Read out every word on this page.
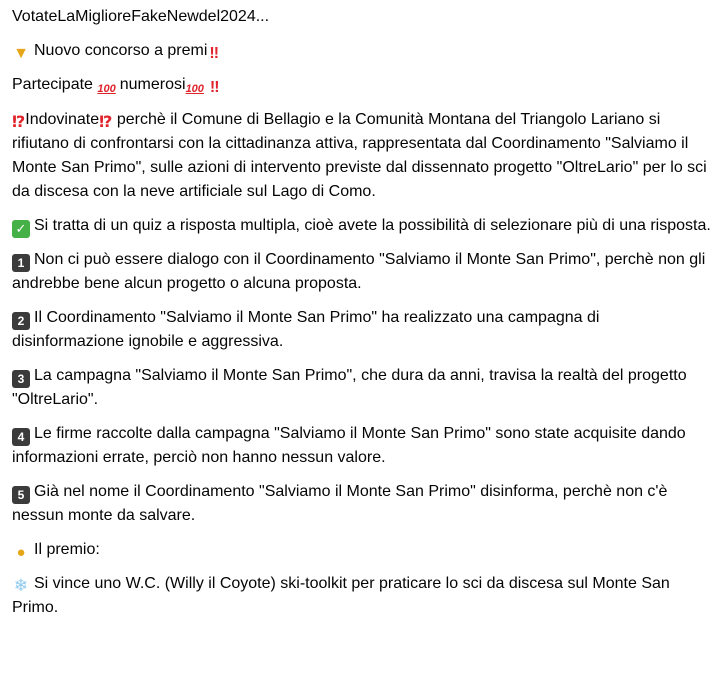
VotateLaMiglioreFakeNewdel2024...
▼ Nuovo concorso a premi ‼
Partecipate 100 numerosi100 ‼
⁉Indovinate⁉ perchè il Comune di Bellagio e la Comunità Montana del Triangolo Lariano si rifiutano di confrontarsi con la cittadinanza attiva, rappresentata dal Coordinamento "Salviamo il Monte San Primo", sulle azioni di intervento previste dal dissennato progetto "OltreLario" per lo sci da discesa con la neve artificiale sul Lago di Como.
✓ Si tratta di un quiz a risposta multipla, cioè avete la possibilità di selezionare più di una risposta.
1 Non ci può essere dialogo con il Coordinamento "Salviamo il Monte San Primo", perchè non gli andrebbe bene alcun progetto o alcuna proposta.
2 Il Coordinamento "Salviamo il Monte San Primo" ha realizzato una campagna di disinformazione ignobile e aggressiva.
3 La campagna "Salviamo il Monte San Primo", che dura da anni, travisa la realtà del progetto "OltreLario".
4 Le firme raccolte dalla campagna "Salviamo il Monte San Primo" sono state acquisite dando informazioni errate, perciò non hanno nessun valore.
5 Già nel nome il Coordinamento "Salviamo il Monte San Primo" disinforma, perchè non c'è nessun monte da salvare.
● Il premio:
❄ Si vince uno W.C. (Willy il Coyote) ski-toolkit per praticare lo sci da discesa sul Monte San Primo.
